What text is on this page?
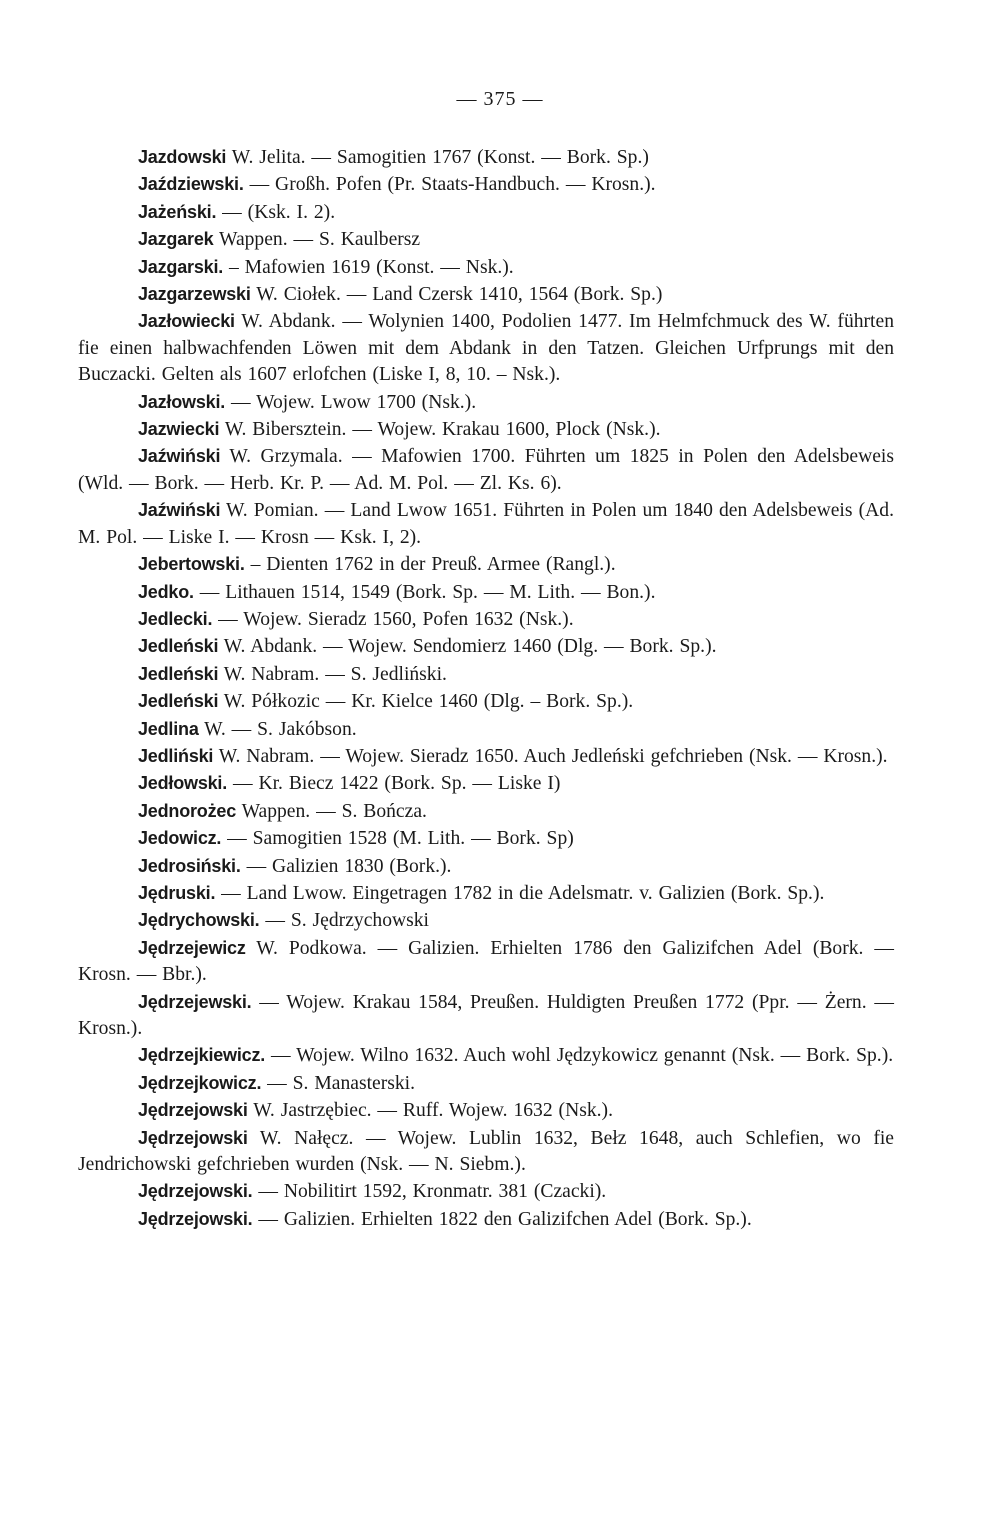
— 375 —
Jazdowski W. Jelita. — Samogitien 1767 (Konst. — Bork. Sp.)
Jaździewski. — Großh. Pofen (Pr. Staats-Handbuch. — Krosn.).
Jażeński. — (Ksk. I. 2).
Jazgarek Wappen. — S. Kaulbersz
Jazgarski. – Mafowien 1619 (Konst. — Nsk.).
Jazgarzewski W. Ciołek. — Land Czersk 1410, 1564 (Bork. Sp.)
Jazłowiecki W. Abdank. — Wolynien 1400, Podolien 1477. Im Helmfchmuck des W. führten fie einen halbwachfenden Löwen mit dem Abdank in den Tatzen. Gleichen Urfprungs mit den Buczacki. Gelten als 1607 erlofchen (Liske I, 8, 10. – Nsk.).
Jazłowski. — Wojew. Lwow 1700 (Nsk.).
Jazwiecki W. Bibersztein. — Wojew. Krakau 1600, Plock (Nsk.).
Jaźwiński W. Grzymala. — Mafowien 1700. Führten um 1825 in Polen den Adelsbeweis (Wld. — Bork. — Herb. Kr. P. — Ad. M. Pol. — Zl. Ks. 6).
Jaźwiński W. Pomian. — Land Lwow 1651. Führten in Polen um 1840 den Adelsbeweis (Ad. M. Pol. — Liske I. — Krosn — Ksk. I, 2).
Jebertowski. – Dienten 1762 in der Preuß. Armee (Rangl.).
Jedko. — Lithauen 1514, 1549 (Bork. Sp. — M. Lith. — Bon.).
Jedlecki. — Wojew. Sieradz 1560, Pofen 1632 (Nsk.).
Jedleński W. Abdank. — Wojew. Sendomierz 1460 (Dlg. — Bork. Sp.).
Jedleński W. Nabram. — S. Jedliński.
Jedleński W. Półkozic — Kr. Kielce 1460 (Dlg. – Bork. Sp.).
Jedlina W. — S. Jakóbson.
Jedliński W. Nabram. — Wojew. Sieradz 1650. Auch Jedleński gefchrieben (Nsk. — Krosn.).
Jedłowski. — Kr. Biecz 1422 (Bork. Sp. — Liske I)
Jednorożec Wappen. — S. Bończa.
Jedowicz. — Samogitien 1528 (M. Lith. — Bork. Sp)
Jedrosiński. — Galizien 1830 (Bork.).
Jędruski. — Land Lwow. Eingetragen 1782 in die Adelsmatr. v. Galizien (Bork. Sp.).
Jędrychowski. — S. Jędrzychowski
Jędrzejewicz W. Podkowa. — Galizien. Erhielten 1786 den Galizifchen Adel (Bork. — Krosn. — Bbr.).
Jędrzejewski. — Wojew. Krakau 1584, Preußen. Huldigten Preußen 1772 (Ppr. — Żern. — Krosn.).
Jędrzejkiewicz. — Wojew. Wilno 1632. Auch wohl Jędzykowicz genannt (Nsk. — Bork. Sp.).
Jędrzejkowicz. — S. Manasterski.
Jędrzejowski W. Jastrzębiec. — Ruff. Wojew. 1632 (Nsk.).
Jędrzejowski W. Nałęcz. — Wojew. Lublin 1632, Bełz 1648, auch Schlefien, wo fie Jendrichowski gefchrieben wurden (Nsk. — N. Siebm.).
Jędrzejowski. — Nobilitirt 1592, Kronmatr. 381 (Czacki).
Jędrzejowski. — Galizien. Erhielten 1822 den Galizifchen Adel (Bork. Sp.).
